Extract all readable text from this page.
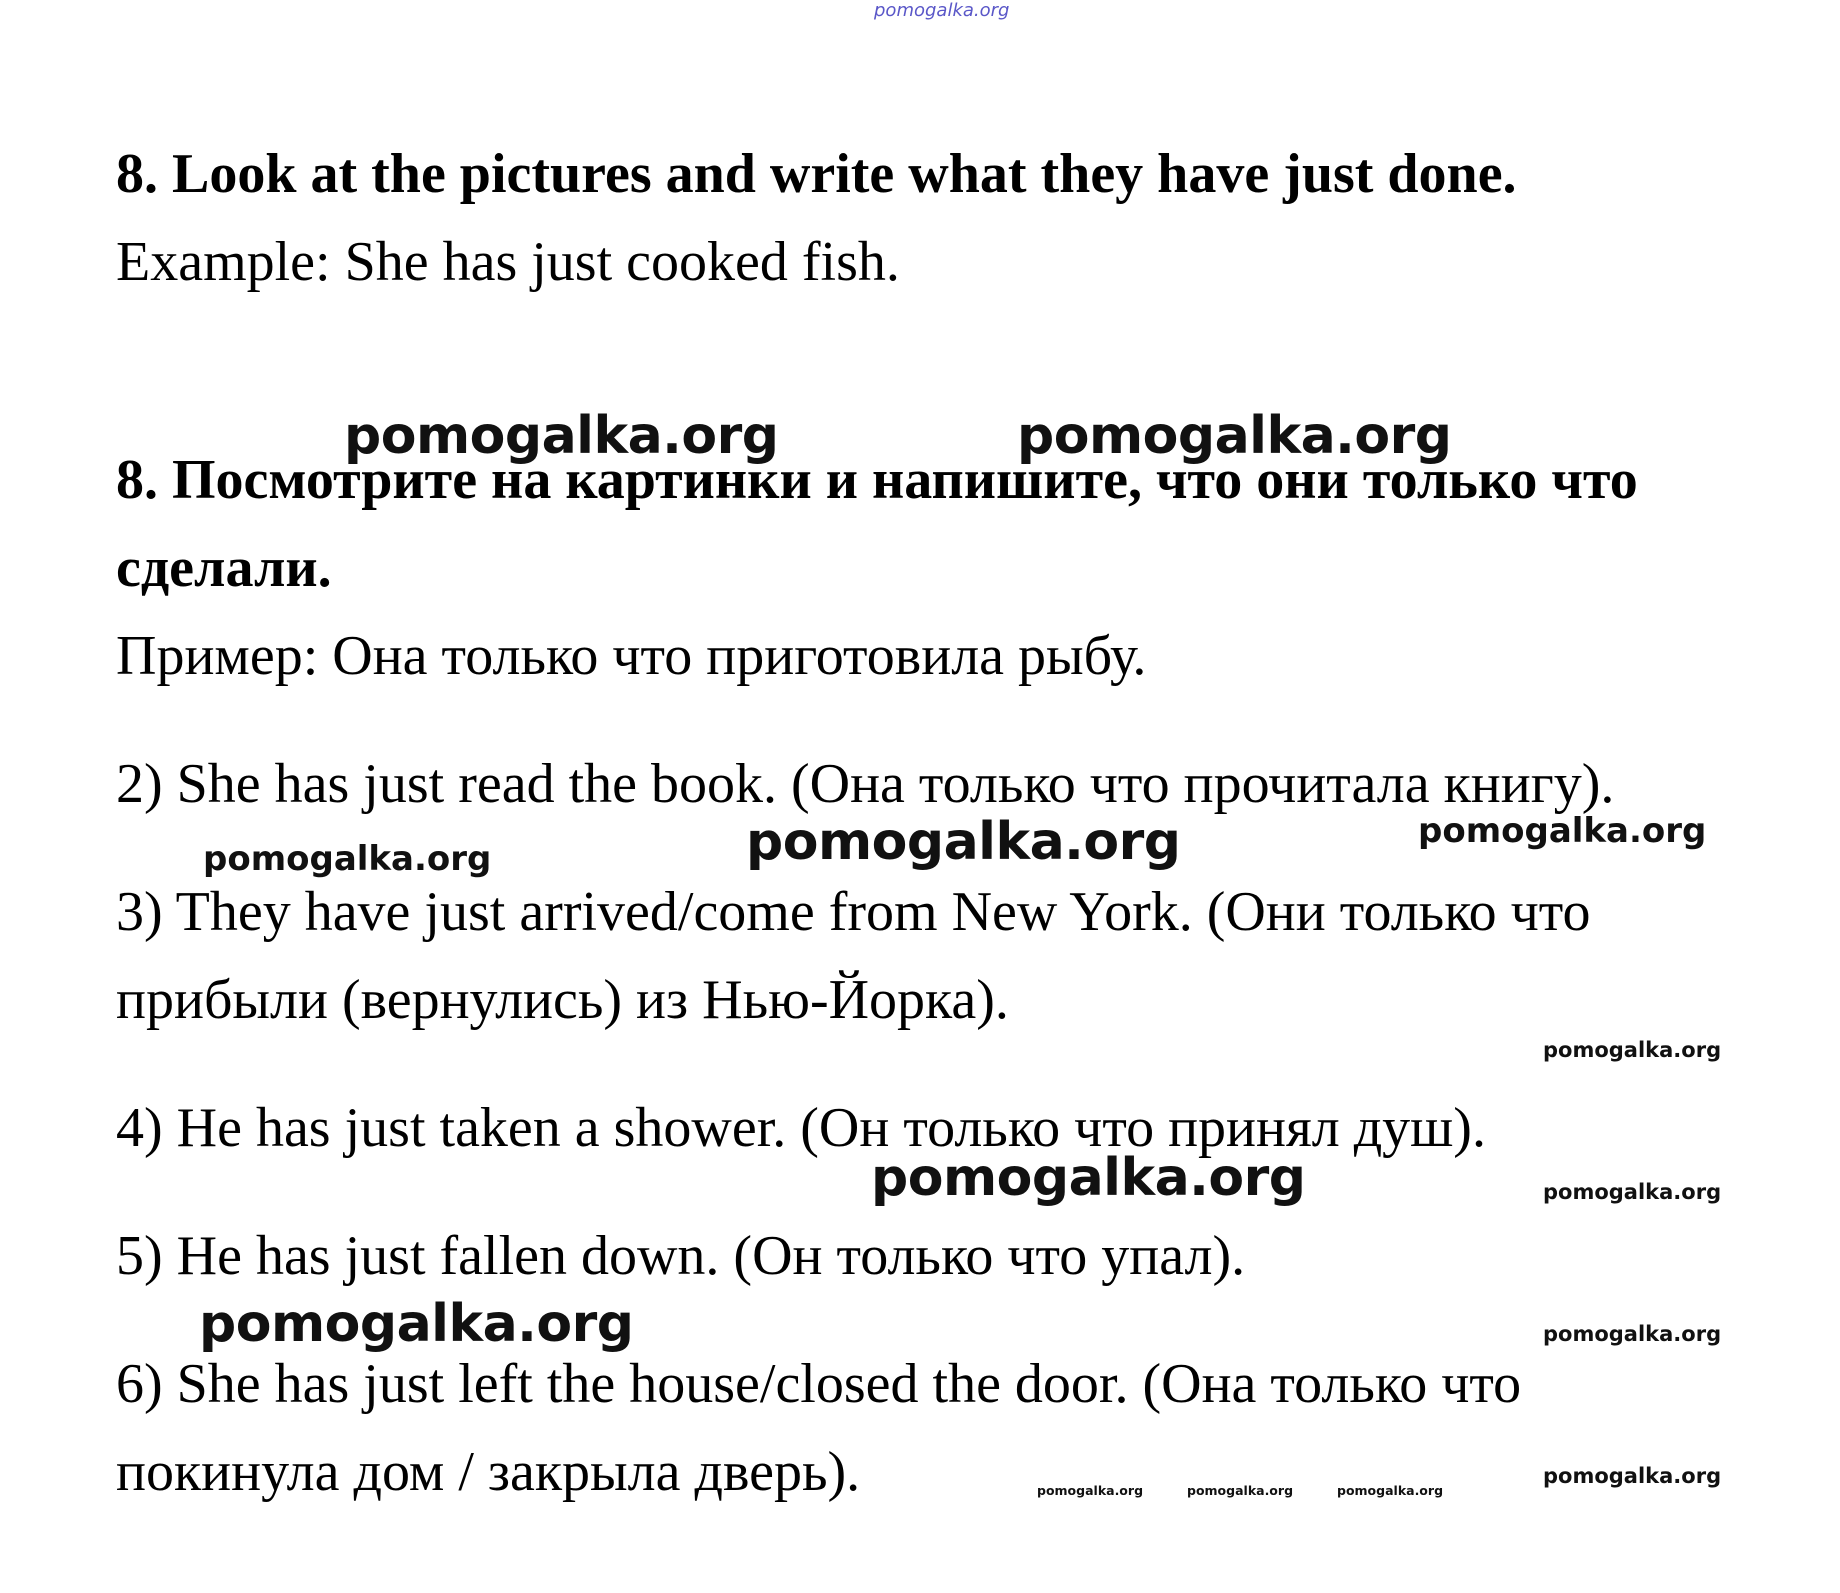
pomogalka.org
8. Look at the pictures and write what they have just done.
Example: She has just cooked fish.
pomogalka.org	pomogalka.org
8. Посмотрите на картинки и напишите, что они только что
сделали.
Пример: Она только что приготовила рыбу.
2) She has just read the book. (Она только что прочитала книгу).
pomogalka.org	pomogalka.org	pomogalka.org
3) They have just arrived/come from New York. (Они только что
прибыли (вернулись) из Нью-Йорка).
pomogalka.org
4) He has just taken a shower. (Он только что принял душ).
pomogalka.org	pomogalka.org
5) He has just fallen down. (Он только что упал).
pomogalka.org	pomogalka.org
6) She has just left the house/closed the door. (Она только что
покинула дом / закрыла дверь).	pomogalka.org	pomogalka.org	pomogalka.org
pomogalka.org
